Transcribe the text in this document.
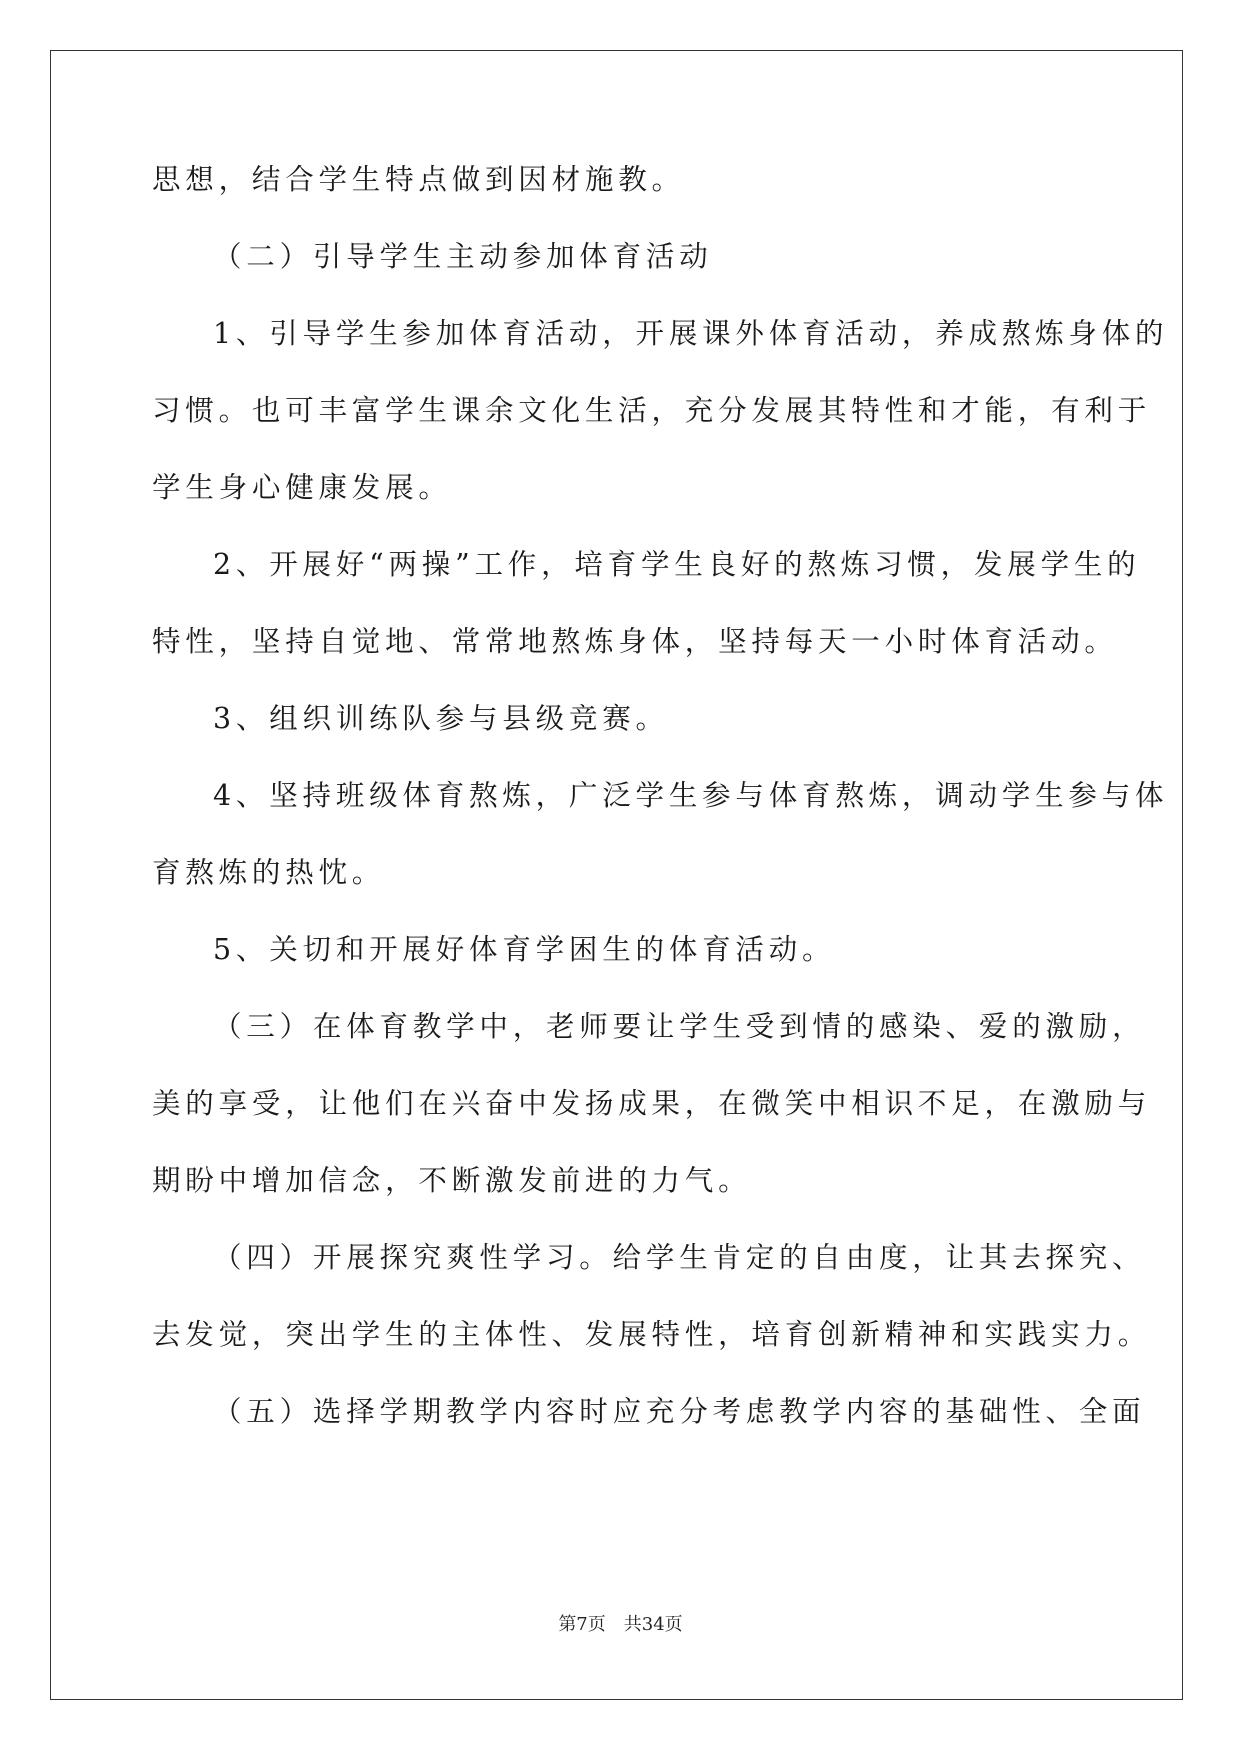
思想，结合学生特点做到因材施教。
（二）引导学生主动参加体育活动
1、引导学生参加体育活动，开展课外体育活动，养成熬炼身体的
习惯。也可丰富学生课余文化生活，充分发展其特性和才能，有利于
学生身心健康发展。
2、开展好“两操”工作，培育学生良好的熬炼习惯，发展学生的
特性，坚持自觉地、常常地熬炼身体，坚持每天一小时体育活动。
3、组织训练队参与县级竞赛。
4、坚持班级体育熬炼，广泛学生参与体育熬炼，调动学生参与体
育熬炼的热忱。
5、关切和开展好体育学困生的体育活动。
（三）在体育教学中，老师要让学生受到情的感染、爱的激励，
美的享受，让他们在兴奋中发扬成果，在微笑中相识不足，在激励与
期盼中增加信念，不断激发前进的力气。
（四）开展探究爽性学习。给学生肯定的自由度，让其去探究、
去发觉，突出学生的主体性、发展特性，培育创新精神和实践实力。
（五）选择学期教学内容时应充分考虑教学内容的基础性、全面
第7页 共34页
